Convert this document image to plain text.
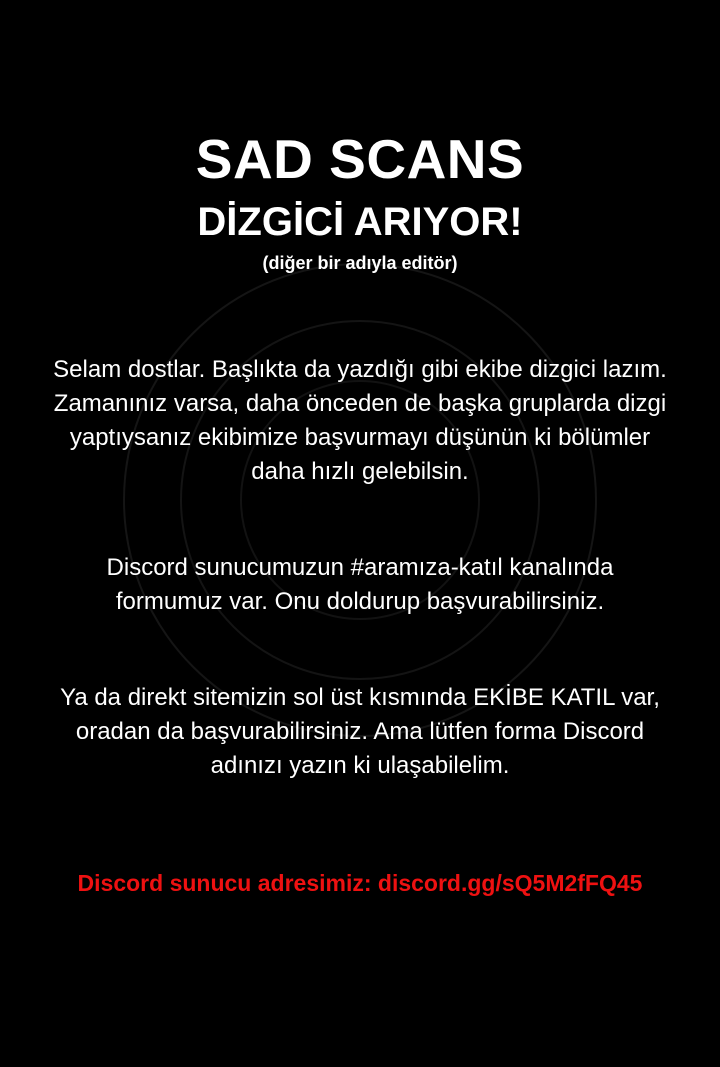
SAD SCANS
DİZGİCİ ARIYOR!

(diğer bir adıyla editör)

Selam dostlar. Başlıkta da yazdığı gibi ekibe dizgici lazım. Zamanınız varsa, daha önceden de başka gruplarda dizgi yaptıysanız ekibimize başvurmayı düşünün ki bölümler daha hızlı gelebilsin.

Discord sunucumuzun #aramıza-katıl kanalında formumuz var. Onu doldurup başvurabilirsiniz.

Ya da direkt sitemizin sol üst kısmında EKİBE KATIL var, oradan da başvurabilirsiniz. Ama lütfen forma Discord adınızı yazın ki ulaşabilelim.

Discord sunucu adresimiz: discord.gg/sQ5M2fFQ45
